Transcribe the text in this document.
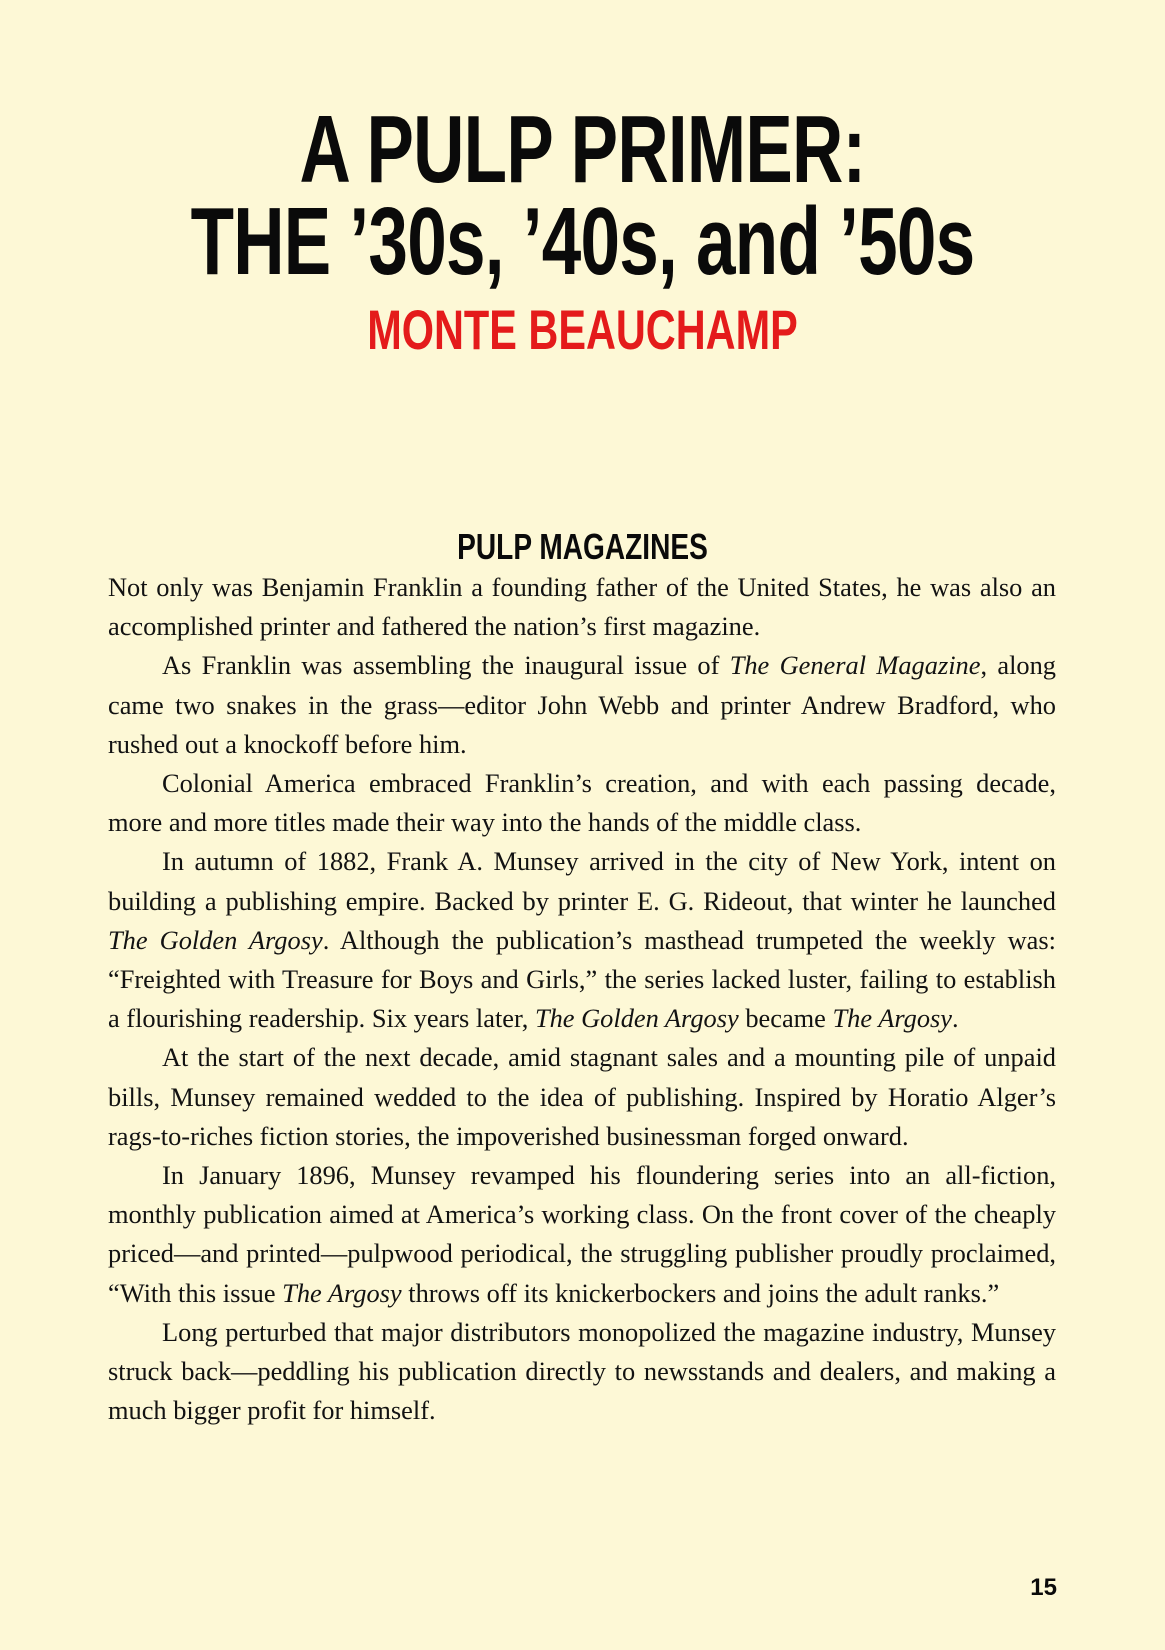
A PULP PRIMER:
THE ’30s, ’40s, and ’50s
MONTE BEAUCHAMP
PULP MAGAZINES

Not only was Benjamin Franklin a founding father of the United States, he was also an accomplished printer and fathered the nation’s first magazine.

As Franklin was assembling the inaugural issue of The General Magazine, along came two snakes in the grass—editor John Webb and printer Andrew Bradford, who rushed out a knockoff before him.

Colonial America embraced Franklin’s creation, and with each passing decade, more and more titles made their way into the hands of the middle class.

In autumn of 1882, Frank A. Munsey arrived in the city of New York, intent on building a publishing empire. Backed by printer E. G. Rideout, that winter he launched The Golden Argosy. Although the publication’s masthead trumpeted the weekly was: “Freighted with Treasure for Boys and Girls,” the series lacked luster, failing to establish a flourishing readership. Six years later, The Golden Argosy became The Argosy.

At the start of the next decade, amid stagnant sales and a mounting pile of unpaid bills, Munsey remained wedded to the idea of publishing. Inspired by Horatio Alger’s rags-to-riches fiction stories, the impoverished businessman forged onward.

In January 1896, Munsey revamped his floundering series into an all-fiction, monthly publication aimed at America’s working class. On the front cover of the cheaply priced—and printed—pulpwood periodical, the struggling publisher proudly proclaimed, “With this issue The Argosy throws off its knickerbockers and joins the adult ranks.”

Long perturbed that major distributors monopolized the magazine industry, Munsey struck back—peddling his publication directly to newsstands and dealers, and making a much bigger profit for himself.

15
